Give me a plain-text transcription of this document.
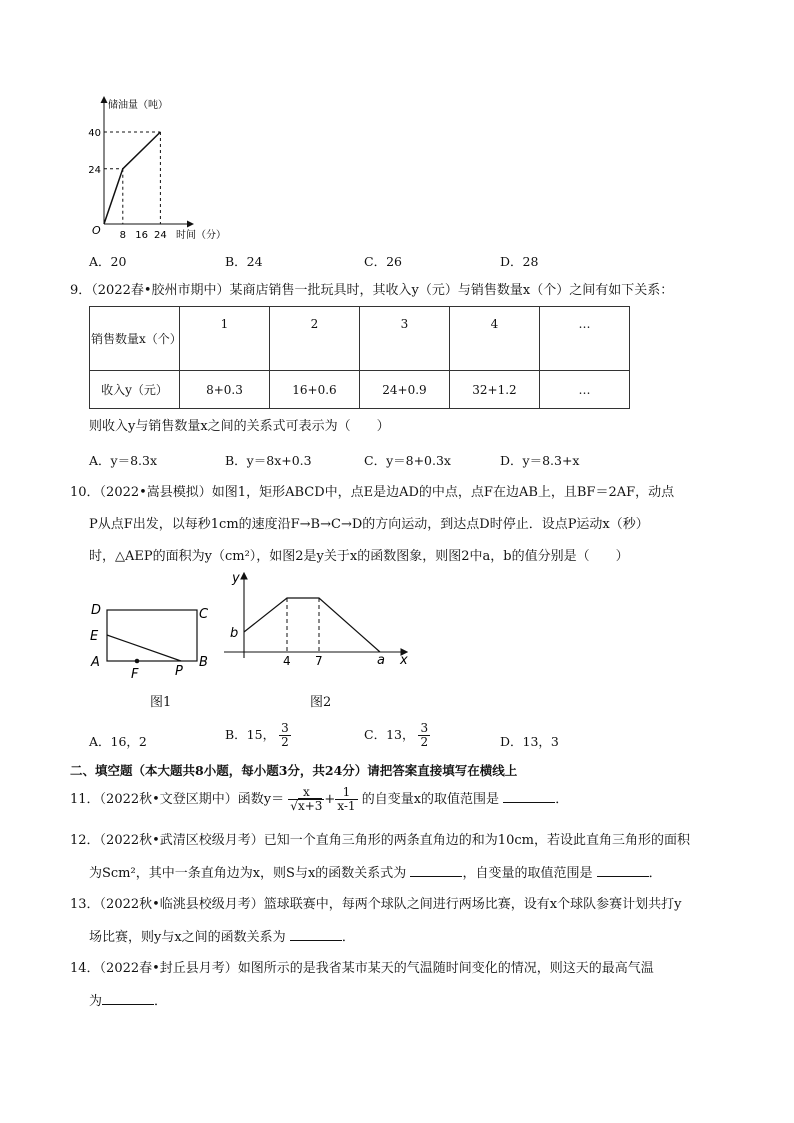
储油量（吨）
O 8 16 24
24
40
时间（分）
A．20	B．24	C．26	D．28
9．（2022春•胶州市期中）某商店销售一批玩具时，其收入y（元）与销售数量x（个）之间有如下关系：
销售数量x（个）	1	2	3	4	…
收入y（元）	8+0.3	16+0.6	24+0.9	32+1.2	…
则收入y与销售数量x之间的关系式可表示为（　　）
A．y＝8.3x	B．y＝8x+0.3	C．y＝8+0.3x	D．y＝8.3+x
10．（2022•嵩县模拟）如图1，矩形ABCD中，点E是边AD的中点，点F在边AB上，且BF＝2AF，动点
P从点F出发，以每秒1cm的速度沿F→B→C→D的方向运动，到达点D时停止．设点P运动x（秒）
时，△AEP的面积为y（cm²），如图2是y关于x的函数图象，则图2中a，b的值分别是（　　）
D	C
E
A
F	P
B
图1
y
b
4 7	a x
图2
A．16，2	B．15， $\frac{3}{2}$	C．13， $\frac{3}{2}$	D．13，3
二、填空题（本大题共8小题，每小题3分，共24分）请把答案直接填写在横线上
11．（2022秋•文登区期中）函数$y= \frac{x}{√x+3} + \frac{1}{x-1}$ 的自变量x的取值范围是	．
12．（2022秋•武清区校级月考）已知一个直角三角形的两条直角边的和为10cm，若设此直角三角形的面积
为Scm²，其中一条直角边为x，则S与x的函数关系式为	，自变量的取值范围是	．
13．（2022秋•临洮县校级月考）篮球联赛中，每两个球队之间进行两场比赛，设有x个球队参赛计划共打y
场比赛，则y与x之间的函数关系为	．
14．（2022春•封丘县月考）如图所示的是我省某市某天的气温随时间变化的情况，则这天的最高气温
为	．
